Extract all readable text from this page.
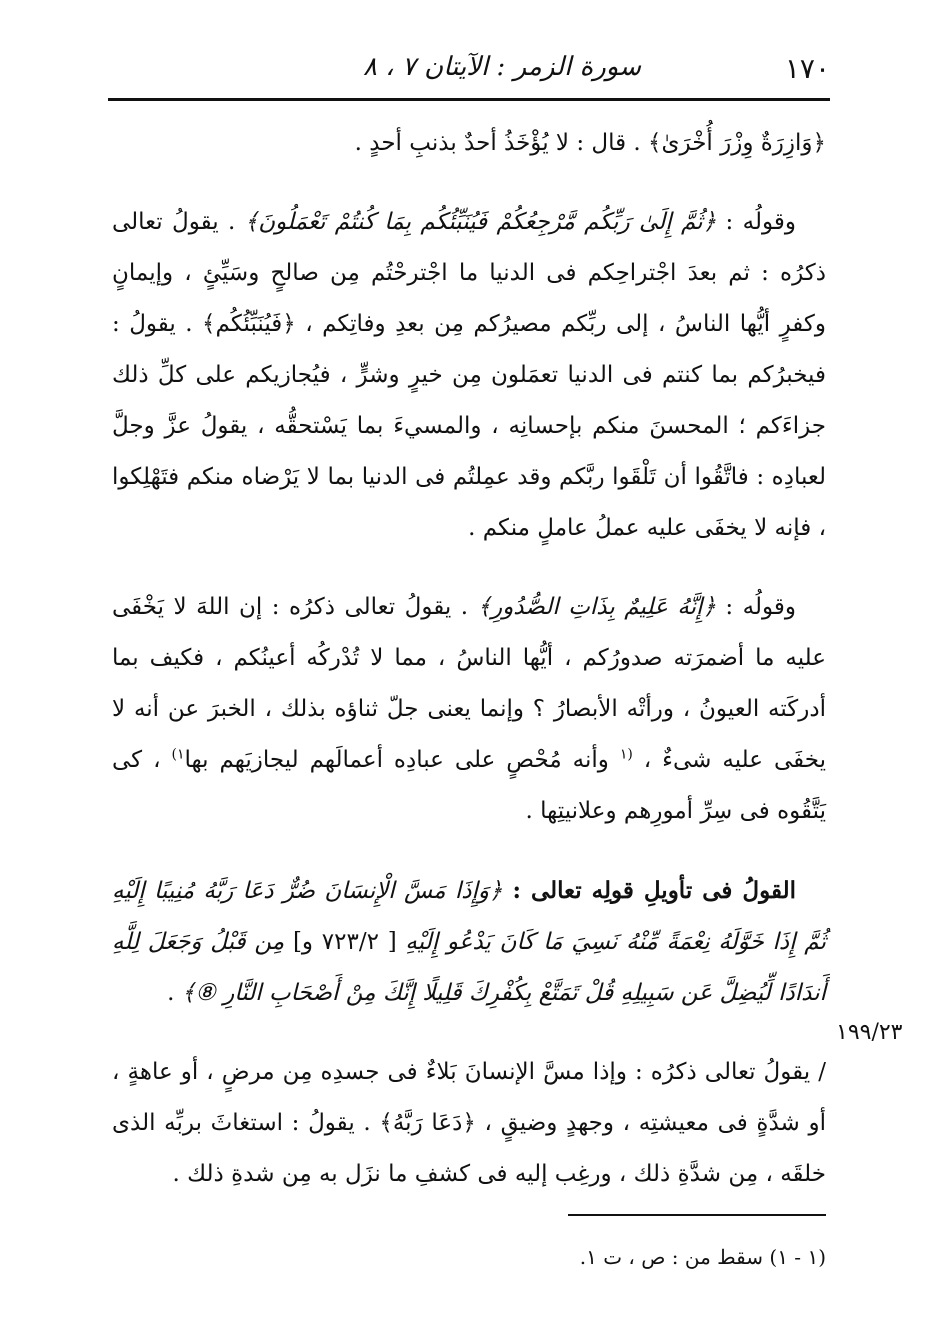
١٧٠
سورة الزمر : الآيتان ٧ ، ٨

﴿وَازِرَةٌ وِزْرَ أُخْرَىٰ﴾ . قال : لا يُؤْخَذُ أحدٌ بذنبِ أحدٍ .

وقولُه : ﴿ثُمَّ إِلَىٰ رَبِّكُم مَّرْجِعُكُمْ فَيُنَبِّئُكُم بِمَا كُنتُمْ تَعْمَلُونَ﴾ . يقولُ تعالى ذكرُه : ثم بعدَ اجْتراحِكم فى الدنيا ما اجْترحْتُم مِن صالحٍ وسَيِّئٍ ، وإيمانٍ وكفرٍ أيُّها الناسُ ، إلى ربِّكم مصيرُكم مِن بعدِ وفاتِكم ، ﴿فَيُنَبِّئُكُم﴾ . يقولُ : فيخبرُكم بما كنتم فى الدنيا تعمَلون مِن خيرٍ وشرٍّ ، فيُجازيكم على كلِّ ذلك جزاءَكم ؛ المحسنَ منكم بإحسانِه ، والمسيءَ بما يَسْتحقُّه ، يقولُ عزَّ وجلَّ لعبادِه : فاتَّقُوا أن تَلْقَوا ربَّكم وقد عمِلتُم فى الدنيا بما لا يَرْضاه منكم فتَهْلِكوا ، فإنه لا يخفَى عليه عملُ عاملٍ منكم .

وقولُه : ﴿إِنَّهُ عَلِيمٌ بِذَاتِ الصُّدُورِ﴾ . يقولُ تعالى ذكرُه : إن اللهَ لا يَخْفَى عليه ما أضمرَته صدورُكم ، أيُّها الناسُ ، مما لا تُدْركُه أعينُكم ، فكيف بما أدركَته العيونُ ، ورأتْه الأبصارُ ؟ وإنما يعنى جلّ ثناؤه بذلك ، الخبرَ عن أنه لا يخفَى عليه شىءٌ ، $^{(١}$ وأنه مُحْصٍ على عبادِه أعمالَهم ليجازيَهم بها$^{١)}$ ، كى يَتَّقُوه فى سِرِّ أمورِهم وعلانيتِها .

القولُ فى تأويلِ قولِه تعالى : ﴿وَإِذَا مَسَّ الْإِنسَانَ ضُرٌّ دَعَا رَبَّهُ مُنِيبًا إِلَيْهِ ثُمَّ إِذَا خَوَّلَهُ نِعْمَةً مِّنْهُ نَسِيَ مَا كَانَ يَدْعُو إِلَيْهِ [ ٧٢٣/٢ و] مِن قَبْلُ وَجَعَلَ لِلَّهِ أَندَادًا لِّيُضِلَّ عَن سَبِيلِهِ قُلْ تَمَتَّعْ بِكُفْرِكَ قَلِيلًا إِنَّكَ مِنْ أَصْحَابِ النَّارِ ⑧﴾ .

/ يقولُ تعالى ذكرُه : وإذا مسَّ الإنسانَ بَلاءٌ فى جسدِه مِن مرضٍ ، أو عاهةٍ ، أو شدَّةٍ فى معيشتِه ، وجهدٍ وضيقٍ ، ﴿دَعَا رَبَّهُ﴾ . يقولُ : استغاثَ بربِّه الذى خلقَه ، مِن شدَّةِ ذلك ، ورغِب إليه فى كشفِ ما نزَل به مِن شدةِ ذلك .

١٩٩/٢٣
(١ - ١) سقط من : ص ، ت ١.
